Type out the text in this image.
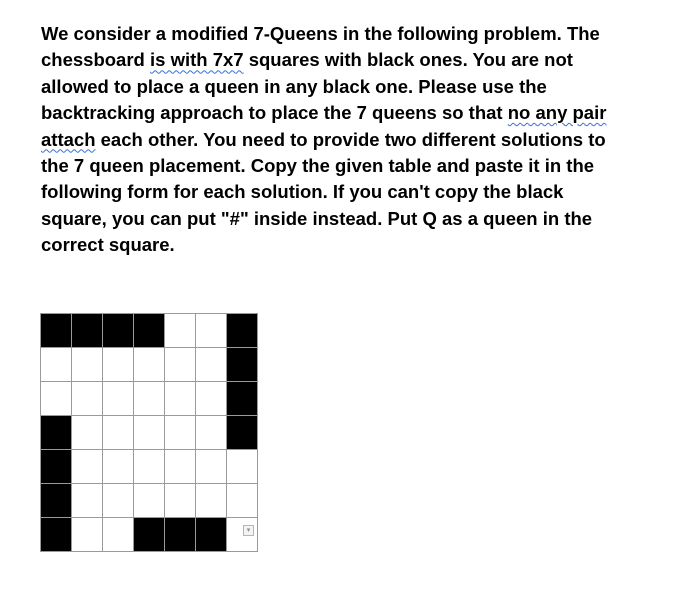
We consider a modified 7-Queens in the following problem. The
chessboard is with 7x7 squares with black ones. You are not
allowed to place a queen in any black one. Please use the
backtracking approach to place the 7 queens so that no any pair
attach each other. You need to provide two different solutions to
the 7 queen placement. Copy the given table and paste it in the
following form for each solution. If you can't copy the black
square, you can put "#" inside instead. Put Q as a queen in the
correct square.
▾
